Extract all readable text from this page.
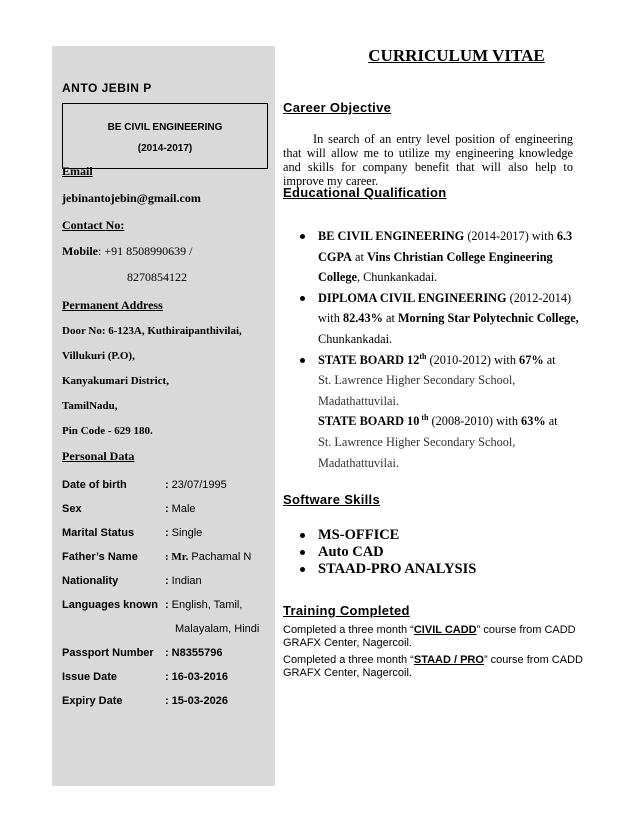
CURRICULUM VITAE
ANTO JEBIN P
BE CIVIL ENGINEERING
(2014-2017)
Email
jebinantojebin@gmail.com
Contact No:
Mobile: +91 8508990639 /
8270854122
Permanent Address
Door No: 6-123A, Kuthiraipanthivilai,
Villukuri (P.O),
Kanyakumari District,
TamilNadu,
Pin Code - 629 180.
Personal Data
Date of birth	: 23/07/1995
Sex	: Male
Marital Status	: Single
Father’s Name : Mr. Pachamal N
Nationality	: Indian
Languages known : English, Tamil,
Malayalam, Hindi
Passport Number : N8355796
Issue Date	: 16-03-2016
Expiry Date	: 15-03-2026
Career Objective
In search of an entry level position of engineering that will allow me to utilize my engineering knowledge and skills for company benefit that will also help to improve my career.
Educational Qualification
BE CIVIL ENGINEERING (2014-2017) with 6.3 CGPA at Vins Christian College Engineering College, Chunkankadai.
DIPLOMA CIVIL ENGINEERING (2012-2014) with 82.43% at Morning Star Polytechnic College, Chunkankadai.
STATE BOARD 12th (2010-2012) with 67% at
St. Lawrence Higher Secondary School,
Madathattuvilai.
STATE BOARD 10 $^{th}$ (2008-2010) with 63% at
St. Lawrence Higher Secondary School,
Madathattuvilai.
Software Skills
MS-OFFICE
Auto CAD
STAAD-PRO ANALYSIS
Training Completed
Completed a three month “CIVIL CADD” course from CADD GRAFX Center, Nagercoil.
Completed a three month “STAAD / PRO” course from CADD GRAFX Center, Nagercoil.
